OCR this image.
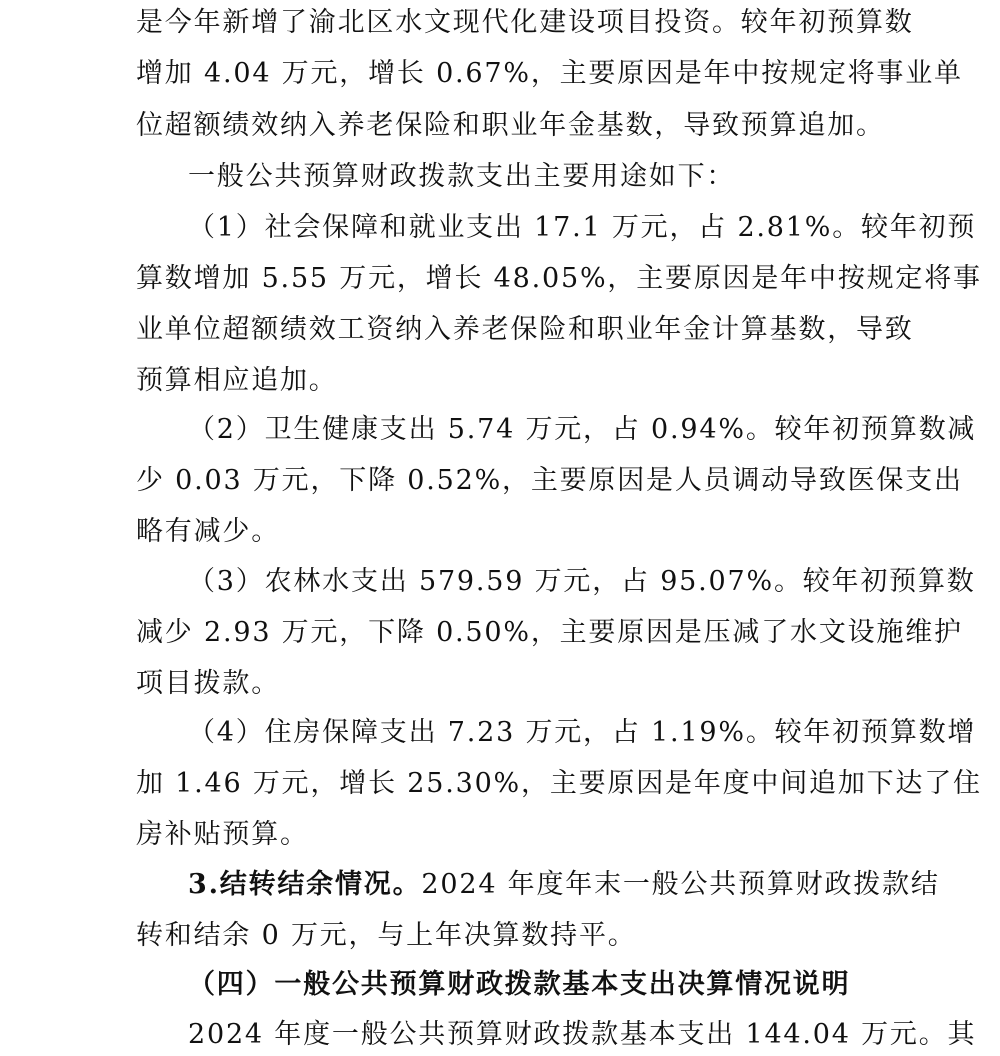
是今年新增了渝北区水文现代化建设项目投资。较年初预算数
增加 4.04 万元，增长 0.67%，主要原因是年中按规定将事业单
位超额绩效纳入养老保险和职业年金基数，导致预算追加。
一般公共预算财政拨款支出主要用途如下：
（1）社会保障和就业支出 17.1 万元，占 2.81%。较年初预
算数增加 5.55 万元，增长 48.05%，主要原因是年中按规定将事
业单位超额绩效工资纳入养老保险和职业年金计算基数，导致
预算相应追加。
（2）卫生健康支出 5.74 万元，占 0.94%。较年初预算数减
少 0.03 万元，下降 0.52%，主要原因是人员调动导致医保支出
略有减少。
（3）农林水支出 579.59 万元，占 95.07%。较年初预算数
减少 2.93 万元，下降 0.50%，主要原因是压减了水文设施维护
项目拨款。
（4）住房保障支出 7.23 万元，占 1.19%。较年初预算数增
加 1.46 万元，增长 25.30%，主要原因是年度中间追加下达了住
房补贴预算。
3.结转结余情况。2024 年度年末一般公共预算财政拨款结
转和结余 0 万元，与上年决算数持平。
（四）一般公共预算财政拨款基本支出决算情况说明
2024 年度一般公共预算财政拨款基本支出 144.04 万元。其
